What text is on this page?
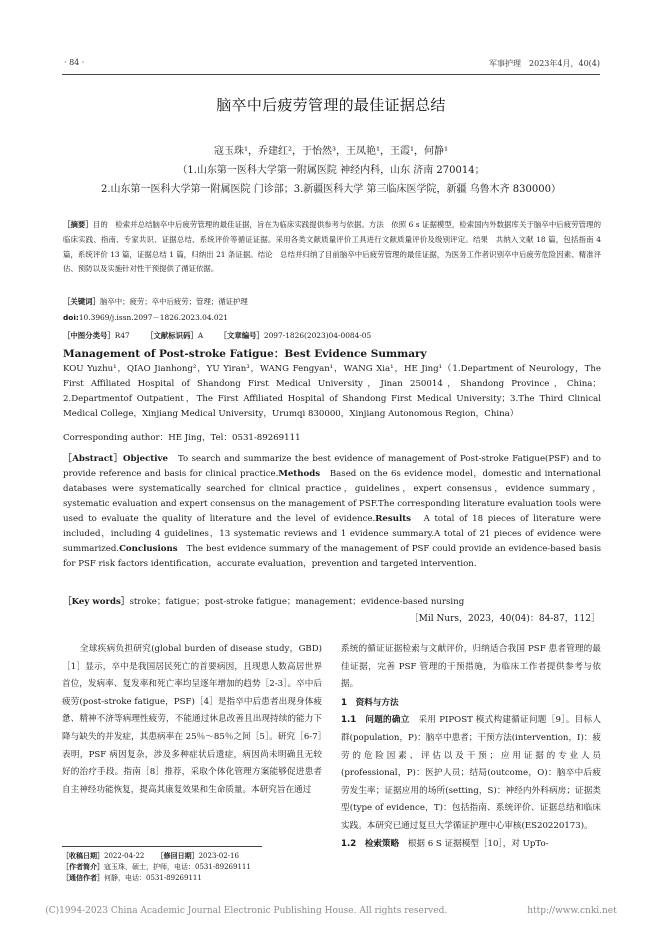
· 84 ·	军事护理　2023年4月，40(4)
脑卒中后疲劳管理的最佳证据总结
寇玉珠¹，乔建红²，于怡然³，王凤艳¹，王霞¹，何静¹
（1.山东第一医科大学第一附属医院 神经内科，山东 济南 270014；
2.山东第一医科大学第一附属医院 门诊部；3.新疆医科大学 第三临床医学院，新疆 乌鲁木齐 830000）

［摘要］目的　检索并总结脑卒中后疲劳管理的最佳证据，旨在为临床实践提供参考与依据。方法　依照 6 s 证据模型，检索国内外数据库关于脑卒中后疲劳管理的临床实践、指南、专家共识、证据总结、系统评价等循证证据。采用各类文献质量评价工具进行文献质量评价及级别评定。结果　共纳入文献 18 篇，包括指南 4 篇，系统评价 13 篇，证据总结 1 篇，归纳出 21 条证据。结论　总结并归纳了目前脑卒中后疲劳管理的最佳证据，为医务工作者识别卒中后疲劳危险因素、精准评估、预防以及实施针对性干预提供了循证依据。

［关键词］脑卒中；疲劳；卒中后疲劳；管理；循证护理
doi:10.3969/j.issn.2097－1826.2023.04.021
［中图分类号］R47 ［文献标识码］A ［文章编号］2097-1826(2023)04-0084-05
Management of Post-stroke Fatigue：Best Evidence Summary

KOU Yuzhu¹，QIAO Jianhong²，YU Yiran³，WANG Fengyan¹，WANG Xia¹，HE Jing¹（1.Department of Neurology，The First Affiliated Hospital of Shandong First Medical University，Jinan 250014，Shandong Province，China；2.Departmentof Outpatient，The First Affiliated Hospital of Shandong First Medical University；3.The Third Clinical Medical College，Xinjiang Medical University，Urumqi 830000，Xinjiang Autonomous Region，China）

Corresponding author：HE Jing，Tel：0531-89269111

［Abstract］Objective　 To search and summarize the best evidence of management of Post-stroke Fatigue(PSF) and to provide reference and basis for clinical practice.Methods　 Based on the 6s evidence model，domestic and international databases were systematically searched for clinical practice，guidelines，expert consensus，evidence summary，systematic evaluation and expert consensus on the management of PSF.The corresponding literature evaluation tools were used to evaluate the quality of literature and the level of evidence.Results　 A total of 18 pieces of literature were included，including 4 guidelines，13 systematic reviews and 1 evidence summary.A total of 21 pieces of evidence were summarized.Conclusions　 The best evidence summary of the management of PSF could provide an evidence-based basis for PSF risk factors identification，accurate evaluation，prevention and targeted intervention.

［Key words］stroke；fatigue；post-stroke fatigue；management；evidence-based nursing
［Mil Nurs，2023，40(04)：84-87，112］

　　全球疾病负担研究(global burden of disease study，GBD)［1］显示，卒中是我国居民死亡的首要病因，且现患人数高居世界首位，发病率、复发率和死亡率均呈逐年增加的趋势［2-3］。卒中后疲劳(post-stroke fatigue，PSF)［4］是指卒中后患者出现身体疲惫、精神不济等病理性疲劳，不能通过休息改善且出现持续的能力下降与缺失的并发症，其患病率在 25％～85％之间［5］。研究［6-7］表明，PSF 病因复杂，涉及多种症状后遗症，病因尚未明确且无较好的治疗手段。指南［8］推荐，采取个体化管理方案能够促进患者自主神经功能恢复，提高其康复效果和生命质量。本研究旨在通过

系统的循证证据检索与文献评价，归纳适合我国 PSF 患者管理的最佳证据，完善 PSF 管理的干预措施，为临床工作者提供参考与依据。

1　资料与方法

1.1　问题的确立　 采用 PIPOST 模式构建循证问题［9］。目标人群(population，P)：脑卒中患者；干预方法(intervention，I)：疲劳的危险因素、评估以及干预；应用证据的专业人员(professional，P)：医护人员；结局(outcome，O)：脑卒中后疲劳发生率；证据应用的场所(setting，S)：神经内外科病房；证据类型(type of evidence，T)：包括指南、系统评价、证据总结和临床实践。本研究已通过复旦大学循证护理中心审核(ES20220173)。

1.2　检索策略　 根据 6 S 证据模型［10］，对 UpTo-

［收稿日期］2022-04-22 ［修回日期］2023-02-16
［作者简介］寇玉珠，硕士，护师，电话：0531-89269111
［通信作者］何静，电话：0531-89269111
(C)1994-2023 China Academic Journal Electronic Publishing House. All rights reserved.	http://www.cnki.net
